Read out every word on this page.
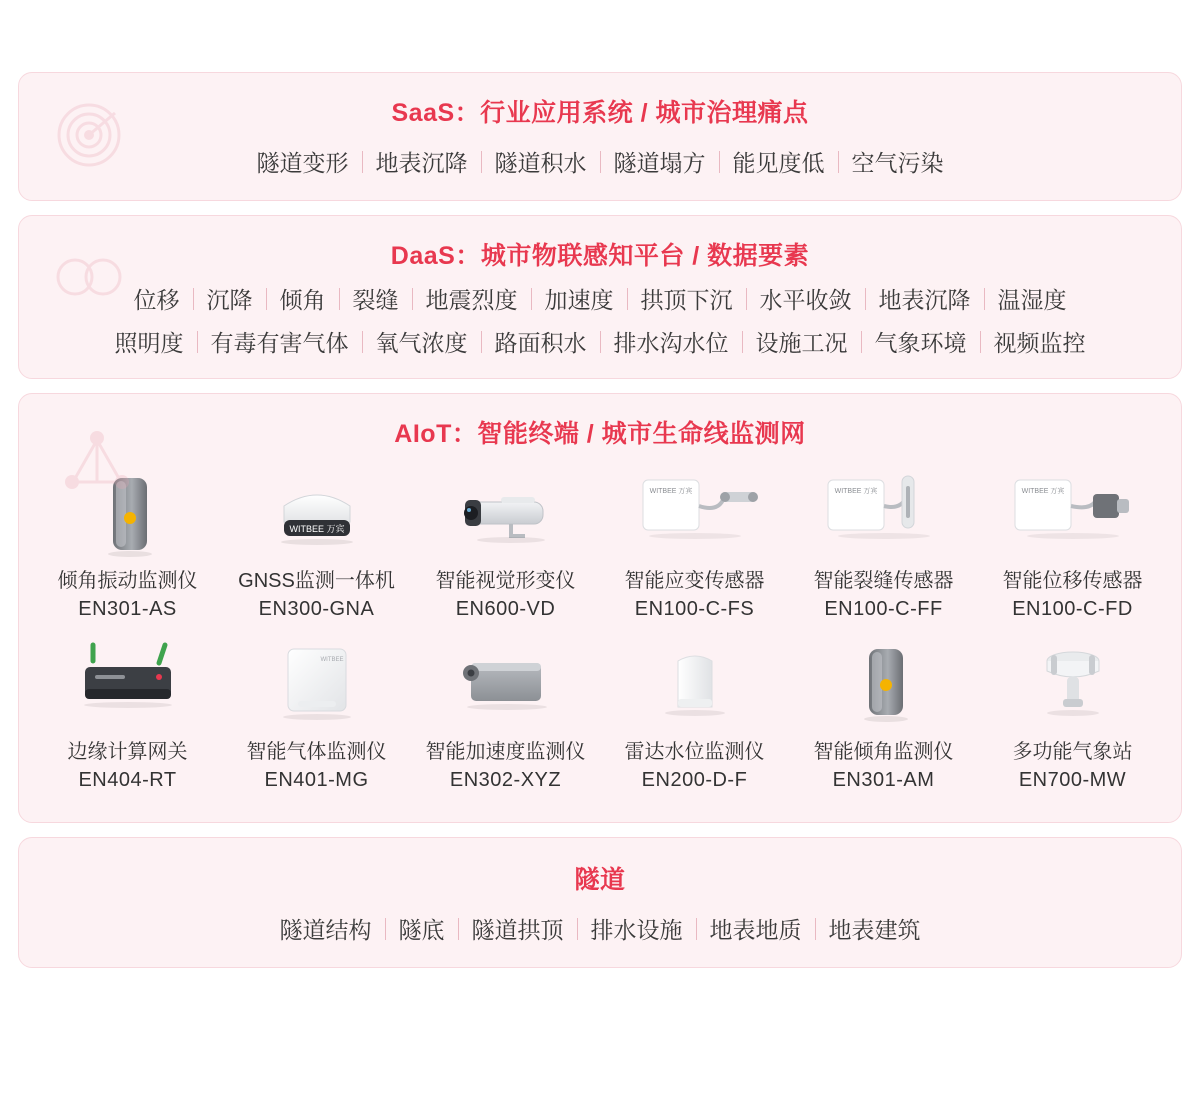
SaaS：行业应用系统 / 城市治理痛点
隧道变形	地表沉降	隧道积水	隧道塌方	能见度低	空气污染
DaaS：城市物联感知平台 / 数据要素
位移	沉降	倾角	裂缝	地震烈度	加速度	拱顶下沉	水平收敛	地表沉降	温湿度
照明度	有毒有害气体	氧气浓度	路面积水	排水沟水位	设施工况	气象环境	视频监控
AIoT：智能终端 / 城市生命线监测网
倾角振动监测仪
EN301-AS
WITBEE 万宾
GNSS监测一体机
EN300-GNA
智能视觉形变仪
EN600-VD
WITBEE 万宾
智能应变传感器
EN100-C-FS
WITBEE 万宾
智能裂缝传感器
EN100-C-FF
WITBEE 万宾
智能位移传感器
EN100-C-FD
边缘计算网关
EN404-RT
WITBEE
智能气体监测仪
EN401-MG
智能加速度监测仪
EN302-XYZ
雷达水位监测仪
EN200-D-F
智能倾角监测仪
EN301-AM
多功能气象站
EN700-MW
隧道
隧道结构	隧底	隧道拱顶	排水设施	地表地质	地表建筑
